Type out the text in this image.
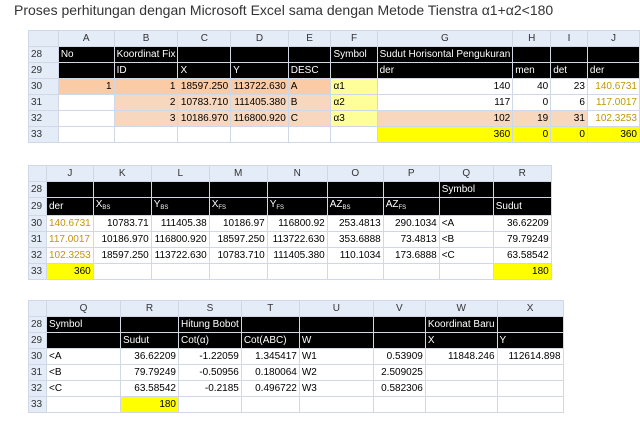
Proses perhitungan dengan Microsoft Excel sama dengan Metode Tienstra α1+α2<180
	A	B	C	D	E	F	G	H	I	J
28	No	Koordinat Fix				Symbol	Sudut Horisontal Pengukuran			
29		ID	X	Y	DESC		der	men	det	der
30	1	1	18597.250	113722.630	A	α1	140	40	23	140.6731
31		2	10783.710	111405.380	B	α2	117	0	6	117.0017
32		3	10186.970	116800.920	C	α3	102	19	31	102.3253
33							360	0	0	360
	J	K	L	M	N	O	P	Q	R
28								Symbol	
29	der	$X_{BS}$	$Y_{BS}$	$X_{FS}$	$Y_{FS}$	$AZ_{BS}$	$AZ_{FS}$		Sudut
30	140.6731	10783.71	111405.38	10186.97	116800.92	253.4813	290.1034	<A	36.62209
31	117.0017	10186.970	116800.920	18597.250	113722.630	353.6888	73.4813	<B	79.79249
32	102.3253	18597.250	113722.630	10783.710	111405.380	110.1034	173.6888	<C	63.58542
33	360								180
	Q	R	S	T	U	V	W	X
28	Symbol		Hitung Bobot				Koordinat Baru	
29		Sudut	Cot(α)	Cot(ABC)	W		X	Y
30	<A	36.62209	-1.22059	1.345417	W1	0.53909	11848.246	112614.898
31	<B	79.79249	-0.50956	0.180064	W2	2.509025		
32	<C	63.58542	-0.2185	0.496722	W3	0.582306		
33		180						
